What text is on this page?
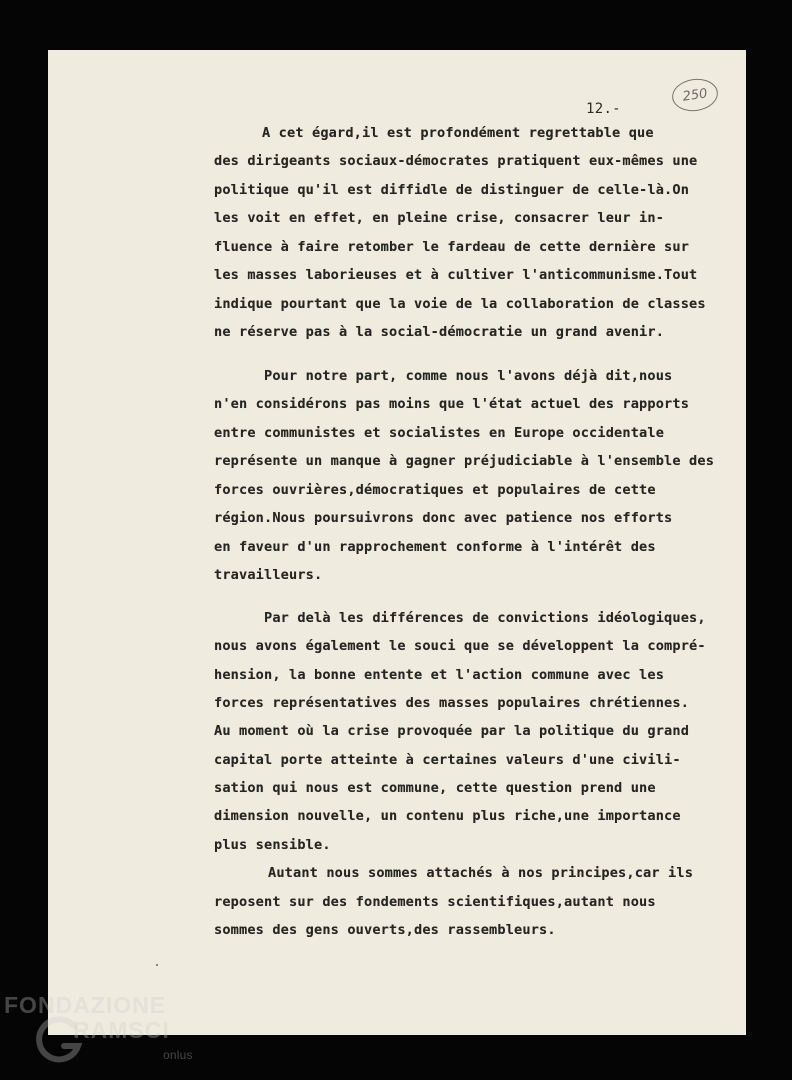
12.-
250
A cet égard,il est profondément regrettable que
des dirigeants sociaux-démocrates pratiquent eux-mêmes une
politique qu'il est diffidle de distinguer de celle-là.On
les voit en effet, en pleine crise, consacrer leur in-
fluence à faire retomber le fardeau de cette dernière sur
les masses laborieuses et à cultiver l'anticommunisme.Tout
indique pourtant que la voie de la collaboration de classes
ne réserve pas à la social-démocratie un grand avenir.
Pour notre part, comme nous l'avons déjà dit,nous
n'en considérons pas moins que l'état actuel des rapports
entre communistes et socialistes en Europe occidentale
représente un manque à gagner préjudiciable à l'ensemble des
forces ouvrières,démocratiques et populaires de cette
région.Nous poursuivrons donc avec patience nos efforts
en faveur d'un rapprochement conforme à l'intérêt des
travailleurs.
Par delà les différences de convictions idéologiques,
nous avons également le souci que se développent la compré-
hension, la bonne entente et l'action commune avec les
forces représentatives des masses populaires chrétiennes.
Au moment où la crise provoquée par la politique du grand
capital porte atteinte à certaines valeurs d'une civili-
sation qui nous est commune, cette question prend une
dimension nouvelle, un contenu plus riche,une importance
plus sensible.
Autant nous sommes attachés à nos principes,car ils
reposent sur des fondements scientifiques,autant nous
sommes des gens ouverts,des rassembleurs.
FONDAZIONE
RAMSCI
onlus
